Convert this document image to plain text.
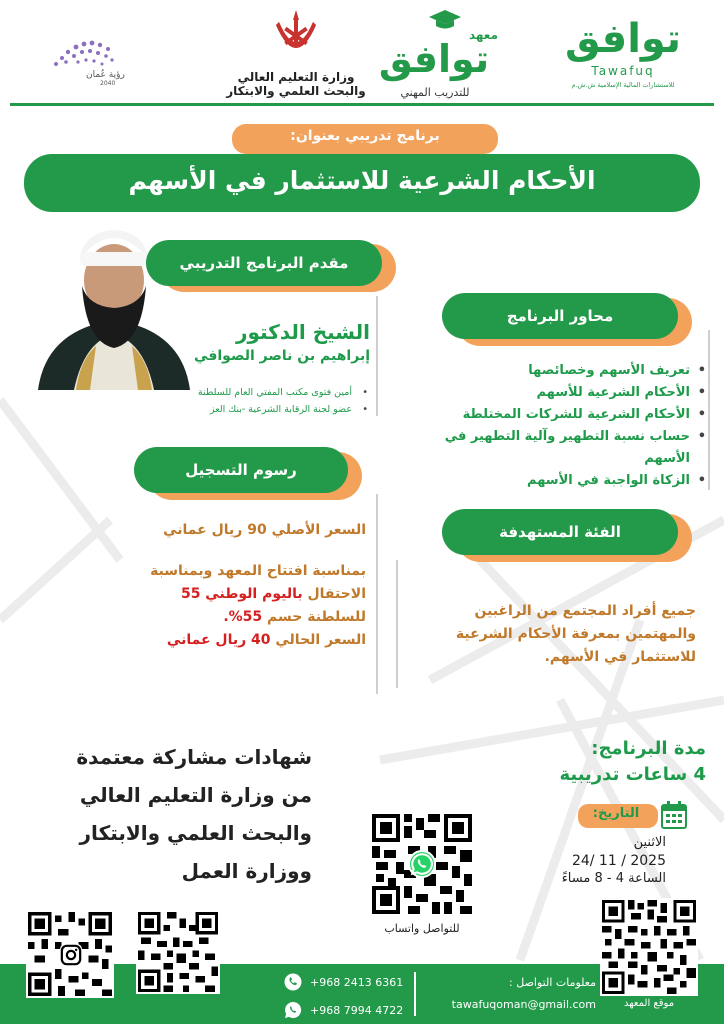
توافق
Tawafuq
للاستشارات المالية الإسلامية ش.ش.م
معهد
توافق
للتدريب المهني
وزارة التعليم العالي
والبحث العلمي والابتكار
رؤية عُمان
2040
برنامج تدريبي بعنوان:
الأحكام الشرعية للاستثمار في الأسهم
مقدم البرنامج التدريبي
الشيخ الدكتور
إبراهيم بن ناصر الصوافي
• أمين فتوى مكتب المفتي العام للسلطنة
• عضو لجنة الرقابة الشرعية -بنك العز
محاور البرنامج
• تعريف الأسهم وخصائصها
• الأحكام الشرعية للأسهم
• الأحكام الشرعية للشركات المختلطة
• حساب نسبة التطهير وآلية التطهير في الأسهم
• الزكاة الواجبة في الأسهم
رسوم التسجيل
السعر الأصلي 90 ريال عماني
بمناسبة افتتاح المعهد وبمناسبة
الاحتفال باليوم الوطني 55
للسلطنة حسم 55%.
السعر الحالي 40 ريال عماني
الفئة المستهدفة
جميع أفراد المجتمع من الراغبين والمهتمين بمعرفة الأحكام الشرعية للاستثمار في الأسهم.
شهادات مشاركة معتمدة
من وزارة التعليم العالي
والبحث العلمي والابتكار
ووزارة العمل
مدة البرنامج:
4 ساعات تدريبية
التاريخ:
الاثنين
24/ 11 / 2025
الساعة 4 - 8 مساءً
للتواصل واتساب
معلومات التواصل :
tawafuqoman@gmail.com
+968 2413 6361
+968 7994 4722	موقع المعهد
